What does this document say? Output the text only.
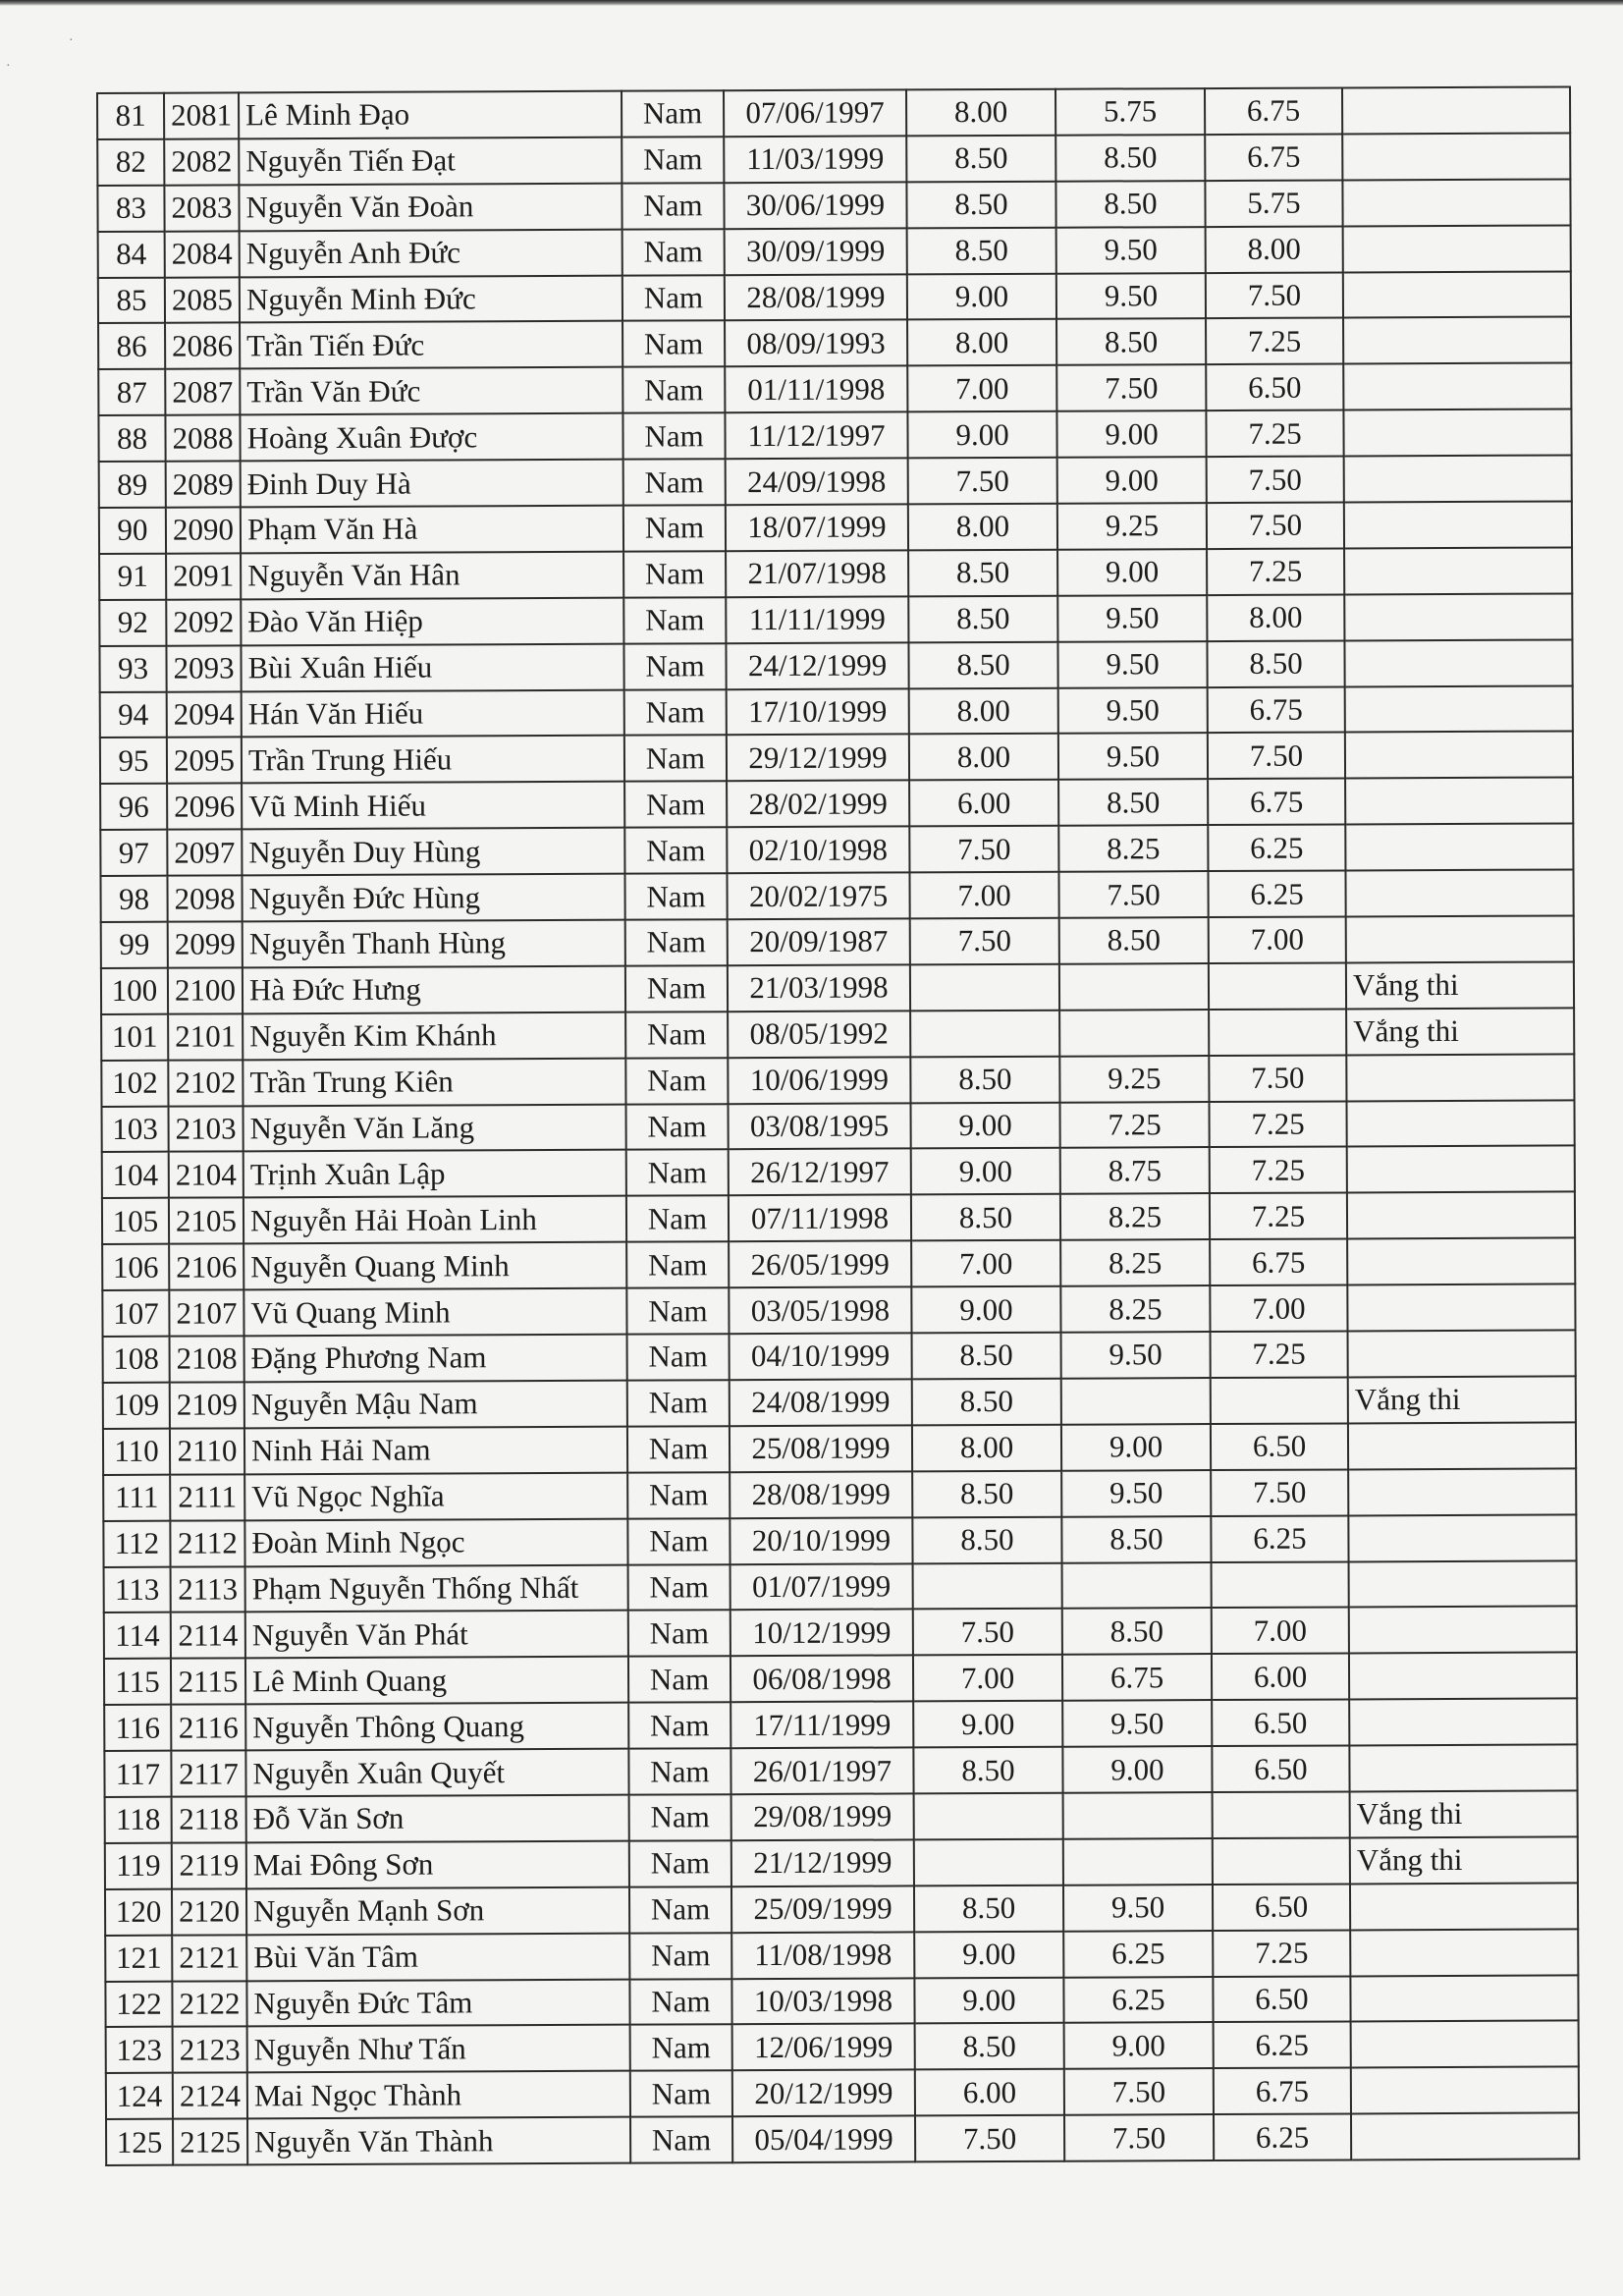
·
·
81	2081	Lê Minh Đạo	Nam	07/06/1997	8.00	5.75	6.75	
82	2082	Nguyễn Tiến Đạt	Nam	11/03/1999	8.50	8.50	6.75	
83	2083	Nguyễn Văn Đoàn	Nam	30/06/1999	8.50	8.50	5.75	
84	2084	Nguyễn Anh Đức	Nam	30/09/1999	8.50	9.50	8.00	
85	2085	Nguyễn Minh Đức	Nam	28/08/1999	9.00	9.50	7.50	
86	2086	Trần Tiến Đức	Nam	08/09/1993	8.00	8.50	7.25	
87	2087	Trần Văn Đức	Nam	01/11/1998	7.00	7.50	6.50	
88	2088	Hoàng Xuân Được	Nam	11/12/1997	9.00	9.00	7.25	
89	2089	Đinh Duy Hà	Nam	24/09/1998	7.50	9.00	7.50	
90	2090	Phạm Văn Hà	Nam	18/07/1999	8.00	9.25	7.50	
91	2091	Nguyễn Văn Hân	Nam	21/07/1998	8.50	9.00	7.25	
92	2092	Đào Văn Hiệp	Nam	11/11/1999	8.50	9.50	8.00	
93	2093	Bùi Xuân Hiếu	Nam	24/12/1999	8.50	9.50	8.50	
94	2094	Hán Văn Hiếu	Nam	17/10/1999	8.00	9.50	6.75	
95	2095	Trần Trung Hiếu	Nam	29/12/1999	8.00	9.50	7.50	
96	2096	Vũ Minh Hiếu	Nam	28/02/1999	6.00	8.50	6.75	
97	2097	Nguyễn Duy Hùng	Nam	02/10/1998	7.50	8.25	6.25	
98	2098	Nguyễn Đức Hùng	Nam	20/02/1975	7.00	7.50	6.25	
99	2099	Nguyễn Thanh Hùng	Nam	20/09/1987	7.50	8.50	7.00	
100	2100	Hà Đức Hưng	Nam	21/03/1998				Vắng thi
101	2101	Nguyễn Kim Khánh	Nam	08/05/1992				Vắng thi
102	2102	Trần Trung Kiên	Nam	10/06/1999	8.50	9.25	7.50	
103	2103	Nguyễn Văn Lăng	Nam	03/08/1995	9.00	7.25	7.25	
104	2104	Trịnh Xuân Lập	Nam	26/12/1997	9.00	8.75	7.25	
105	2105	Nguyễn Hải Hoàn Linh	Nam	07/11/1998	8.50	8.25	7.25	
106	2106	Nguyễn Quang Minh	Nam	26/05/1999	7.00	8.25	6.75	
107	2107	Vũ Quang Minh	Nam	03/05/1998	9.00	8.25	7.00	
108	2108	Đặng Phương Nam	Nam	04/10/1999	8.50	9.50	7.25	
109	2109	Nguyễn Mậu Nam	Nam	24/08/1999	8.50			Vắng thi
110	2110	Ninh Hải Nam	Nam	25/08/1999	8.00	9.00	6.50	
111	2111	Vũ Ngọc Nghĩa	Nam	28/08/1999	8.50	9.50	7.50	
112	2112	Đoàn Minh Ngọc	Nam	20/10/1999	8.50	8.50	6.25	
113	2113	Phạm Nguyễn Thống Nhất	Nam	01/07/1999				
114	2114	Nguyễn Văn Phát	Nam	10/12/1999	7.50	8.50	7.00	
115	2115	Lê Minh Quang	Nam	06/08/1998	7.00	6.75	6.00	
116	2116	Nguyễn Thông Quang	Nam	17/11/1999	9.00	9.50	6.50	
117	2117	Nguyễn Xuân Quyết	Nam	26/01/1997	8.50	9.00	6.50	
118	2118	Đỗ Văn Sơn	Nam	29/08/1999				Vắng thi
119	2119	Mai Đông Sơn	Nam	21/12/1999				Vắng thi
120	2120	Nguyễn Mạnh Sơn	Nam	25/09/1999	8.50	9.50	6.50	
121	2121	Bùi Văn Tâm	Nam	11/08/1998	9.00	6.25	7.25	
122	2122	Nguyễn Đức Tâm	Nam	10/03/1998	9.00	6.25	6.50	
123	2123	Nguyễn Như Tấn	Nam	12/06/1999	8.50	9.00	6.25	
124	2124	Mai Ngọc Thành	Nam	20/12/1999	6.00	7.50	6.75	
125	2125	Nguyễn Văn Thành	Nam	05/04/1999	7.50	7.50	6.25	
